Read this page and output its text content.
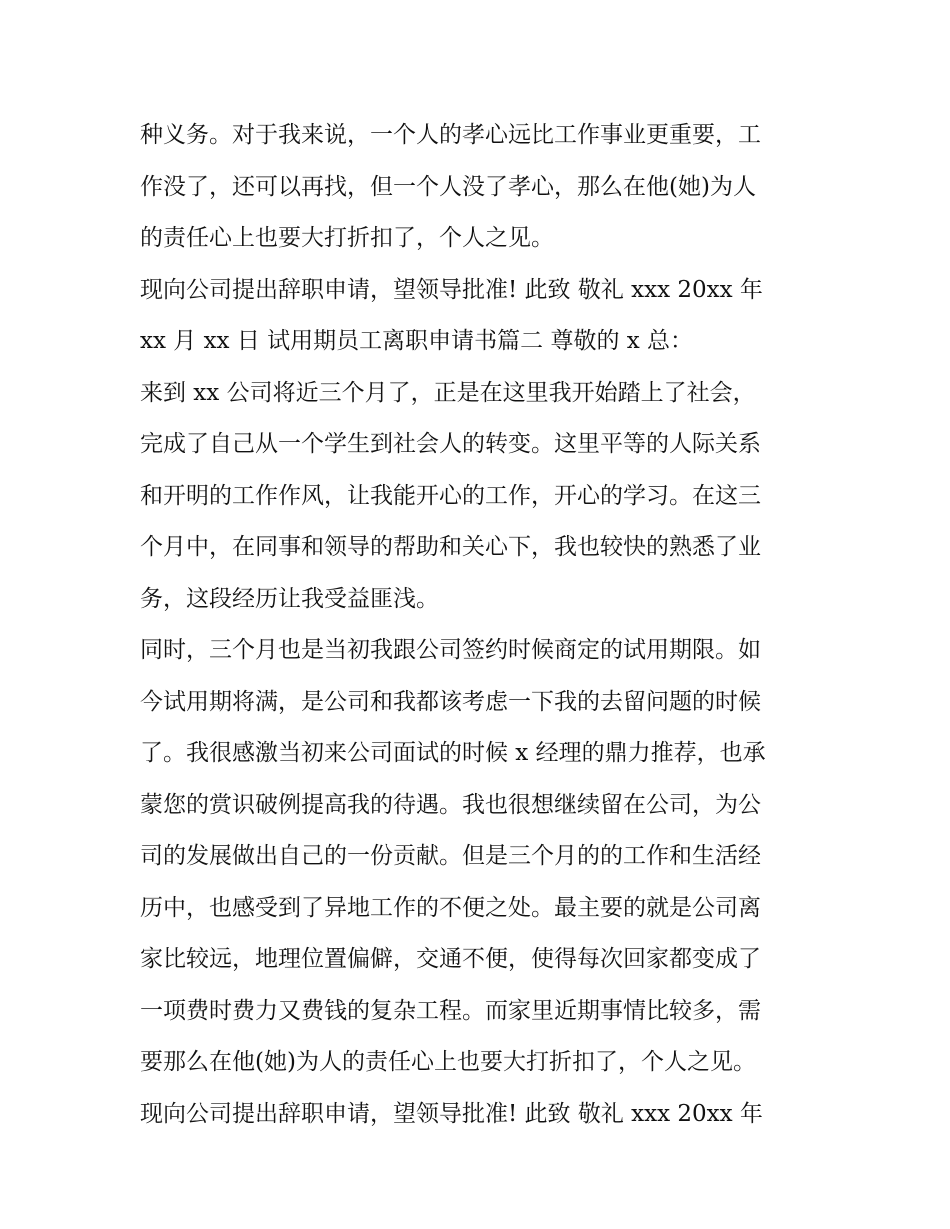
种义务。对于我来说，一个人的孝心远比工作事业更重要，工
作没了，还可以再找，但一个人没了孝心，那么在他(她)为人
的责任心上也要大打折扣了，个人之见。
现向公司提出辞职申请，望领导批准! 此致 敬礼 xxx 20xx 年
xx 月 xx 日 试用期员工离职申请书篇二 尊敬的 x 总：
来到 xx 公司将近三个月了，正是在这里我开始踏上了社会，
完成了自己从一个学生到社会人的转变。这里平等的人际关系
和开明的工作作风，让我能开心的工作，开心的学习。在这三
个月中，在同事和领导的帮助和关心下，我也较快的熟悉了业
务，这段经历让我受益匪浅。
同时，三个月也是当初我跟公司签约时候商定的试用期限。如
今试用期将满，是公司和我都该考虑一下我的去留问题的时候
了。我很感激当初来公司面试的时候 x 经理的鼎力推荐，也承
蒙您的赏识破例提高我的待遇。我也很想继续留在公司，为公
司的发展做出自己的一份贡献。但是三个月的的工作和生活经
历中，也感受到了异地工作的不便之处。最主要的就是公司离
家比较远，地理位置偏僻，交通不便，使得每次回家都变成了
一项费时费力又费钱的复杂工程。而家里近期事情比较多，需
要那么在他(她)为人的责任心上也要大打折扣了，个人之见。
现向公司提出辞职申请，望领导批准! 此致 敬礼 xxx 20xx 年
